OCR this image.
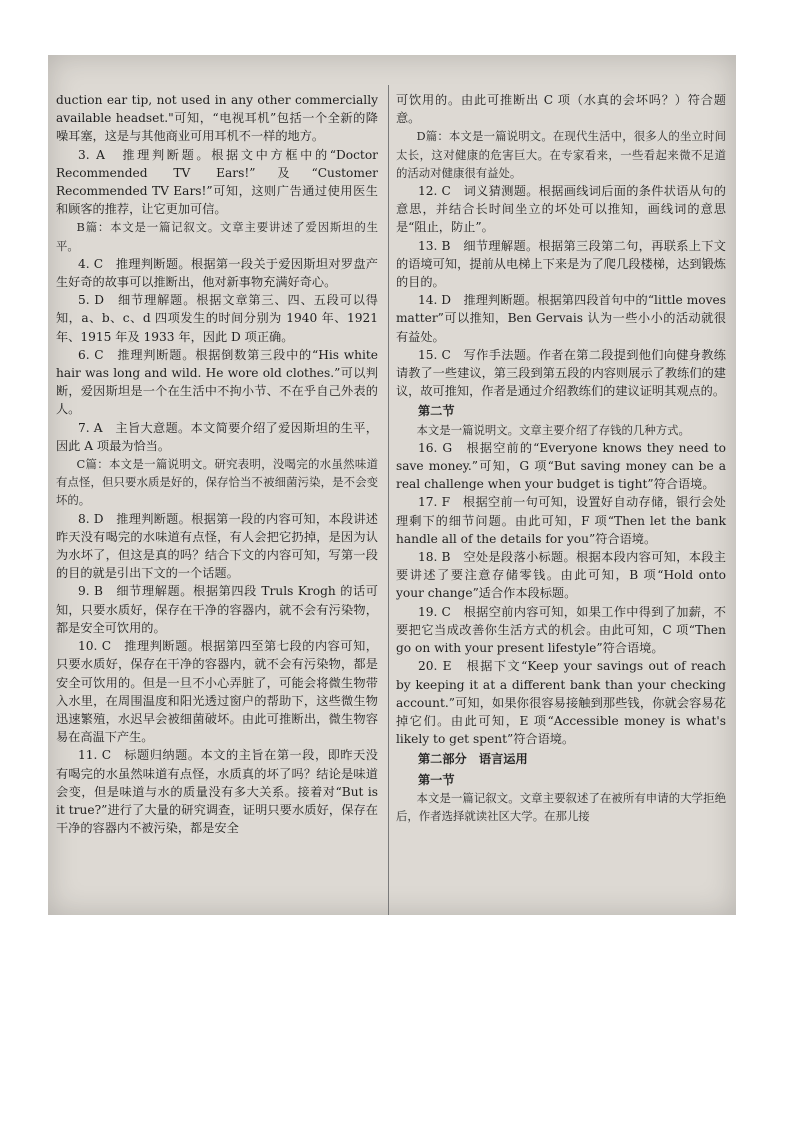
duction ear tip, not used in any other commercially available headset."可知，“电视耳机”包括一个全新的降噪耳塞，这是与其他商业可用耳机不一样的地方。

3. A　推理判断题。根据文中方框中的“Doctor Recommended TV Ears!”及“Customer Recommended TV Ears!”可知，这则广告通过使用医生和顾客的推荐，让它更加可信。

B篇：本文是一篇记叙文。文章主要讲述了爱因斯坦的生平。

4. C　推理判断题。根据第一段关于爱因斯坦对罗盘产生好奇的故事可以推断出，他对新事物充满好奇心。

5. D　细节理解题。根据文章第三、四、五段可以得知，a、b、c、d 四项发生的时间分别为 1940 年、1921 年、1915 年及 1933 年，因此 D 项正确。

6. C　推理判断题。根据倒数第三段中的“His white hair was long and wild. He wore old clothes.”可以判断，爱因斯坦是一个在生活中不拘小节、不在乎自己外表的人。

7. A　主旨大意题。本文简要介绍了爱因斯坦的生平，因此 A 项最为恰当。

C篇：本文是一篇说明文。研究表明，没喝完的水虽然味道有点怪，但只要水质是好的，保存恰当不被细菌污染，是不会变坏的。

8. D　推理判断题。根据第一段的内容可知，本段讲述昨天没有喝完的水味道有点怪，有人会把它扔掉，是因为认为水坏了，但这是真的吗？结合下文的内容可知，写第一段的目的就是引出下文的一个话题。

9. B　细节理解题。根据第四段 Truls Krogh 的话可知，只要水质好，保存在干净的容器内，就不会有污染物，都是安全可饮用的。

10. C　推理判断题。根据第四至第七段的内容可知，只要水质好，保存在干净的容器内，就不会有污染物，都是安全可饮用的。但是一旦不小心弄脏了，可能会将微生物带入水里，在周围温度和阳光透过窗户的帮助下，这些微生物迅速繁殖，水迟早会被细菌破坏。由此可推断出，微生物容易在高温下产生。

11. C　标题归纳题。本文的主旨在第一段，即昨天没有喝完的水虽然味道有点怪，水质真的坏了吗？结论是味道会变，但是味道与水的质量没有多大关系。接着对“But is it true?”进行了大量的研究调查，证明只要水质好，保存在干净的容器内不被污染，都是安全

可饮用的。由此可推断出 C 项（水真的会坏吗？）符合题意。

D篇：本文是一篇说明文。在现代生活中，很多人的坐立时间太长，这对健康的危害巨大。在专家看来，一些看起来微不足道的活动对健康很有益处。

12. C　词义猜测题。根据画线词后面的条件状语从句的意思，并结合长时间坐立的坏处可以推知，画线词的意思是“阻止，防止”。

13. B　细节理解题。根据第三段第二句，再联系上下文的语境可知，提前从电梯上下来是为了爬几段楼梯，达到锻炼的目的。

14. D　推理判断题。根据第四段首句中的“little moves matter”可以推知，Ben Gervais 认为一些小小的活动就很有益处。

15. C　写作手法题。作者在第二段提到他们向健身教练请教了一些建议，第三段到第五段的内容则展示了教练们的建议，故可推知，作者是通过介绍教练们的建议证明其观点的。

第二节

本文是一篇说明文。文章主要介绍了存钱的几种方式。

16. G　根据空前的“Everyone knows they need to save money.”可知，G 项“But saving money can be a real challenge when your budget is tight”符合语境。

17. F　根据空前一句可知，设置好自动存储，银行会处理剩下的细节问题。由此可知，F 项“Then let the bank handle all of the details for you”符合语境。

18. B　空处是段落小标题。根据本段内容可知，本段主要讲述了要注意存储零钱。由此可知，B 项“Hold onto your change”适合作本段标题。

19. C　根据空前内容可知，如果工作中得到了加薪，不要把它当成改善你生活方式的机会。由此可知，C 项“Then go on with your present lifestyle”符合语境。

20. E　根据下文“Keep your savings out of reach by keeping it at a different bank than your checking account.”可知，如果你很容易接触到那些钱，你就会容易花掉它们。由此可知，E 项“Accessible money is what's likely to get spent”符合语境。

第二部分　语言运用

第一节

本文是一篇记叙文。文章主要叙述了在被所有申请的大学拒绝后，作者选择就读社区大学。在那儿接
